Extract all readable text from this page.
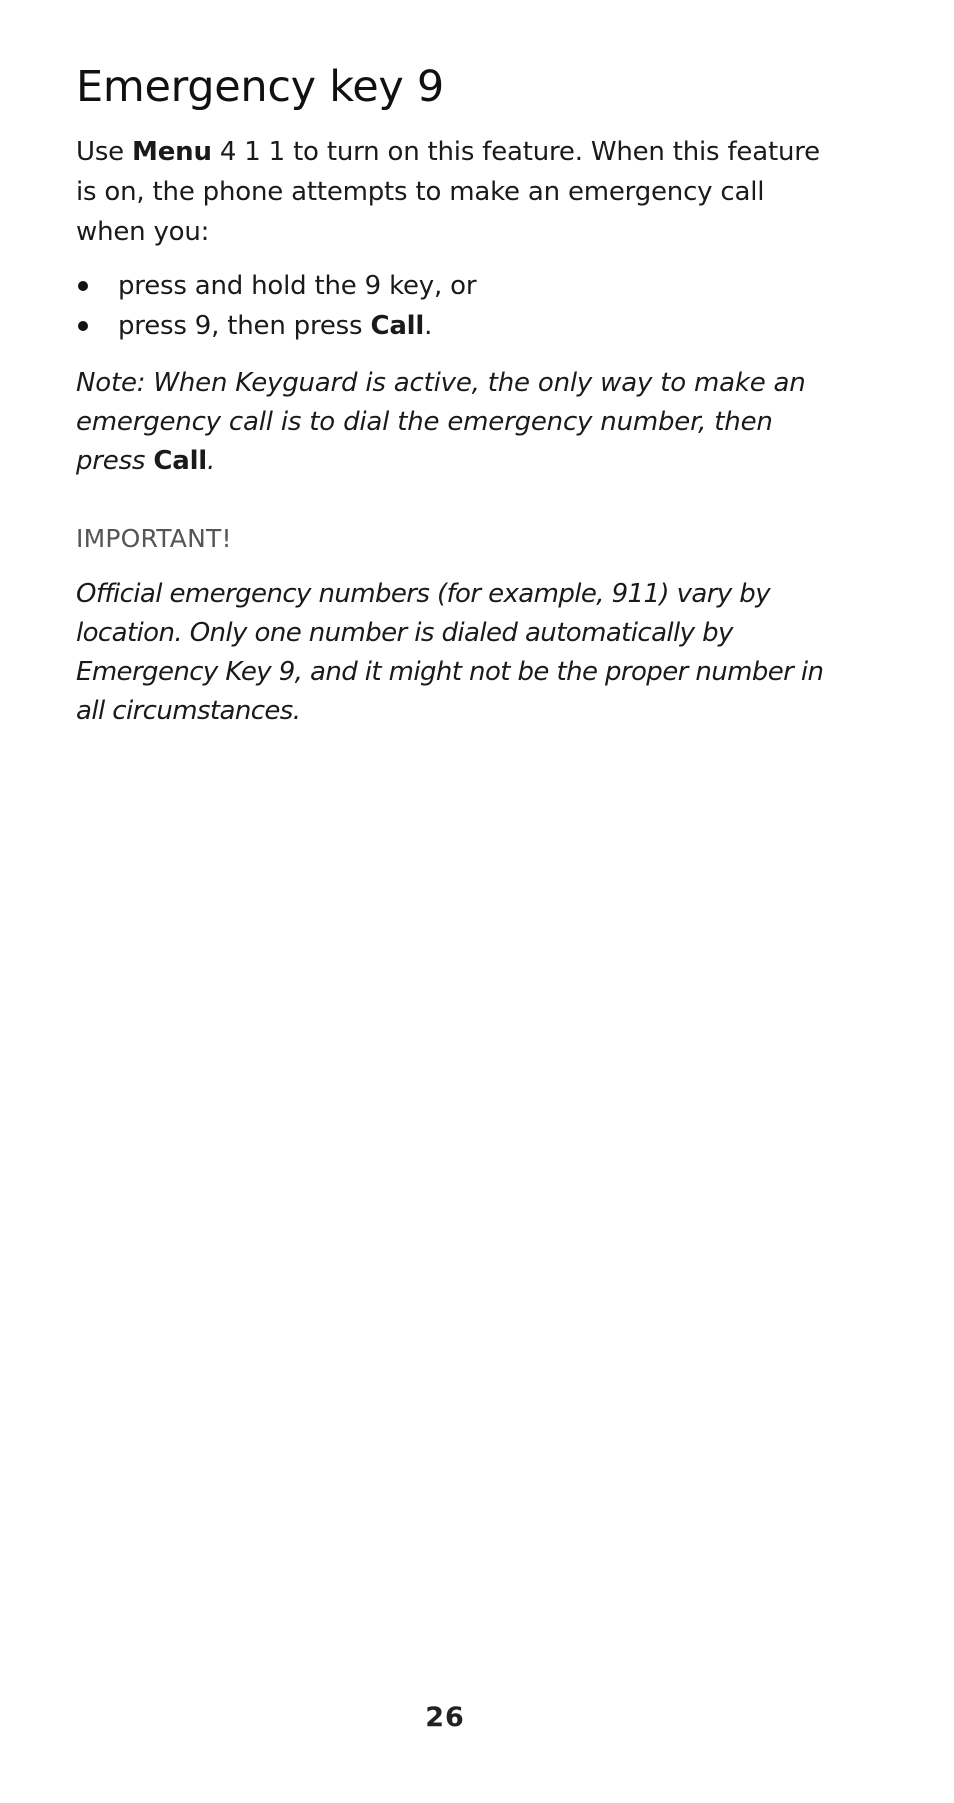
Emergency key 9

Use Menu 4 1 1 to turn on this feature. When this feature is on, the phone attempts to make an emergency call when you:

press and hold the 9 key, or
press 9, then press Call.

Note: When Keyguard is active, the only way to make an emergency call is to dial the emergency number, then press Call.

IMPORTANT!

Official emergency numbers (for example, 911) vary by location. Only one number is dialed automatically by Emergency Key 9, and it might not be the proper number in all circumstances.

26
